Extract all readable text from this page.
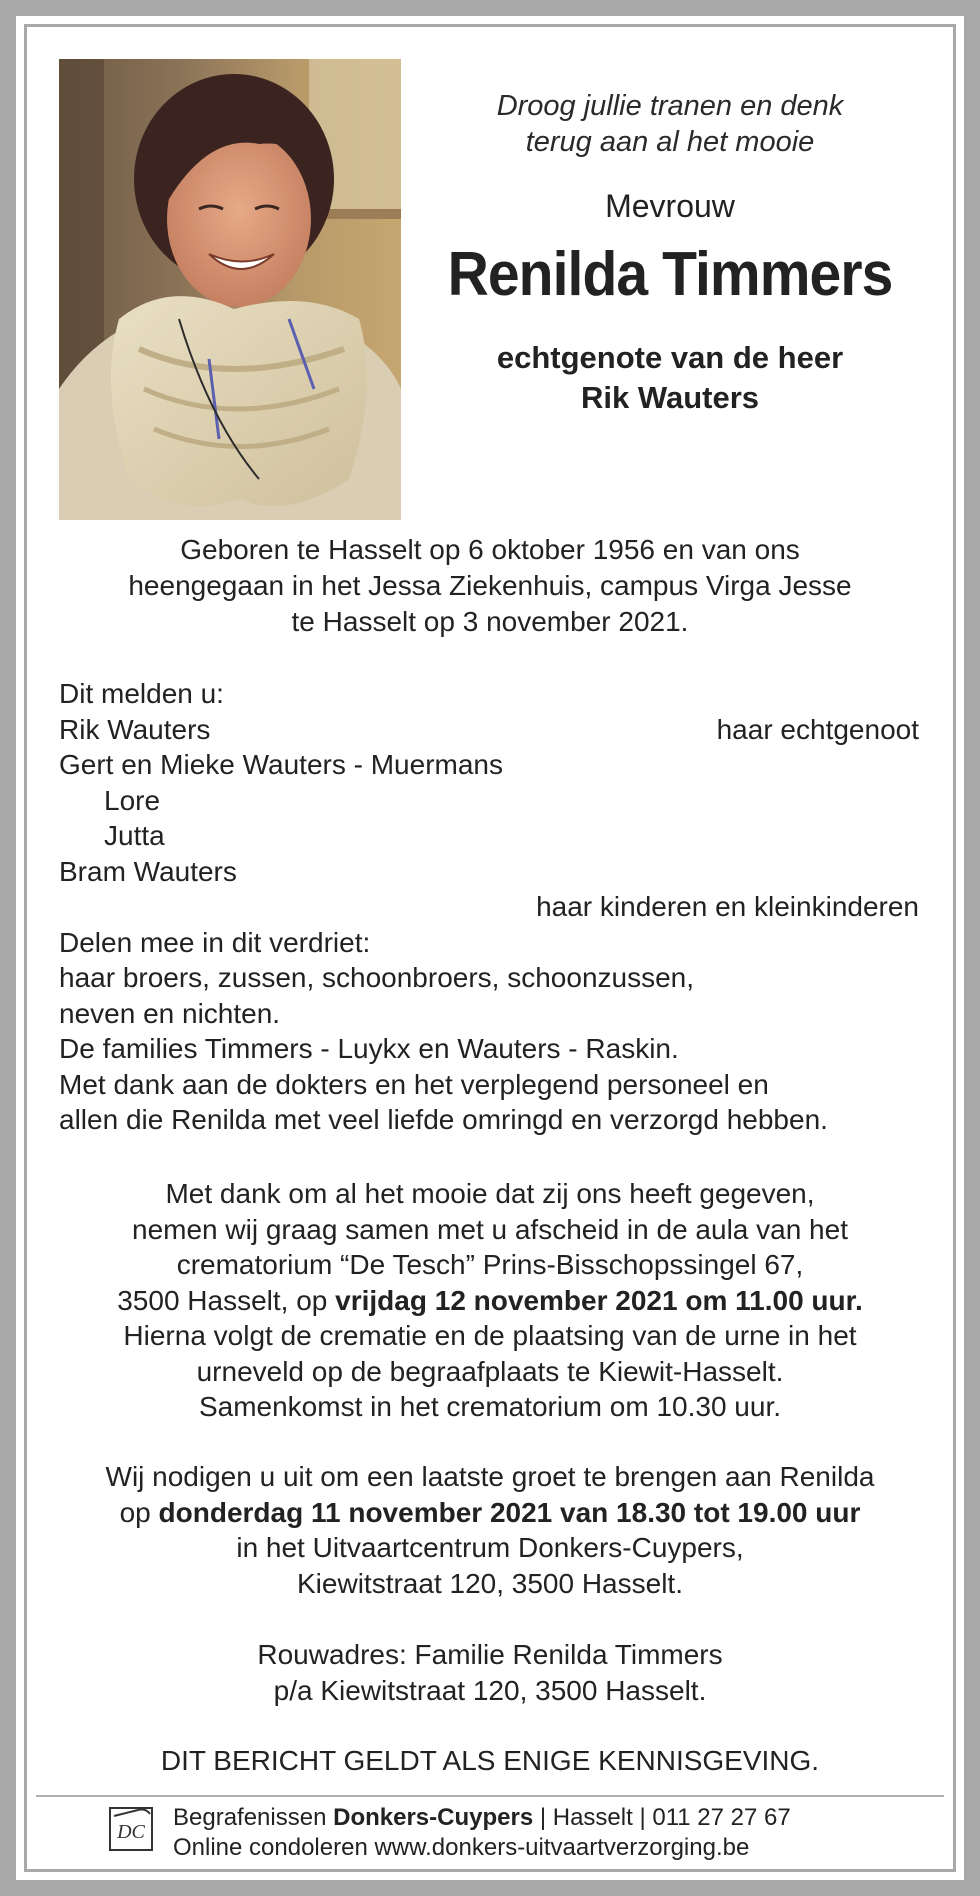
Droog jullie tranen en denk
terug aan al het mooie
Mevrouw
Renilda Timmers
echtgenote van de heer
Rik Wauters
Geboren te Hasselt op 6 oktober 1956 en van ons
heengegaan in het Jessa Ziekenhuis, campus Virga Jesse
te Hasselt op 3 november 2021.
Dit melden u:
Rik Wauters	haar echtgenoot
Gert en Mieke Wauters - Muermans
Lore
Jutta
Bram Wauters
haar kinderen en kleinkinderen
Delen mee in dit verdriet:
haar broers, zussen, schoonbroers, schoonzussen,
neven en nichten.
De families Timmers - Luykx en Wauters - Raskin.
Met dank aan de dokters en het verplegend personeel en
allen die Renilda met veel liefde omringd en verzorgd hebben.
Met dank om al het mooie dat zij ons heeft gegeven,
nemen wij graag samen met u afscheid in de aula van het
crematorium “De Tesch” Prins-Bisschopssingel 67,
3500 Hasselt, op vrijdag 12 november 2021 om 11.00 uur.
Hierna volgt de crematie en de plaatsing van de urne in het
urneveld op de begraafplaats te Kiewit-Hasselt.
Samenkomst in het crematorium om 10.30 uur.
Wij nodigen u uit om een laatste groet te brengen aan Renilda
op donderdag 11 november 2021 van 18.30 tot 19.00 uur
in het Uitvaartcentrum Donkers-Cuypers,
Kiewitstraat 120, 3500 Hasselt.
Rouwadres: Familie Renilda Timmers
p/a Kiewitstraat 120, 3500 Hasselt.
DIT BERICHT GELDT ALS ENIGE KENNISGEVING.
DC
Begrafenissen Donkers-Cuypers | Hasselt | 011 27 27 67
Online condoleren www.donkers-uitvaartverzorging.be
